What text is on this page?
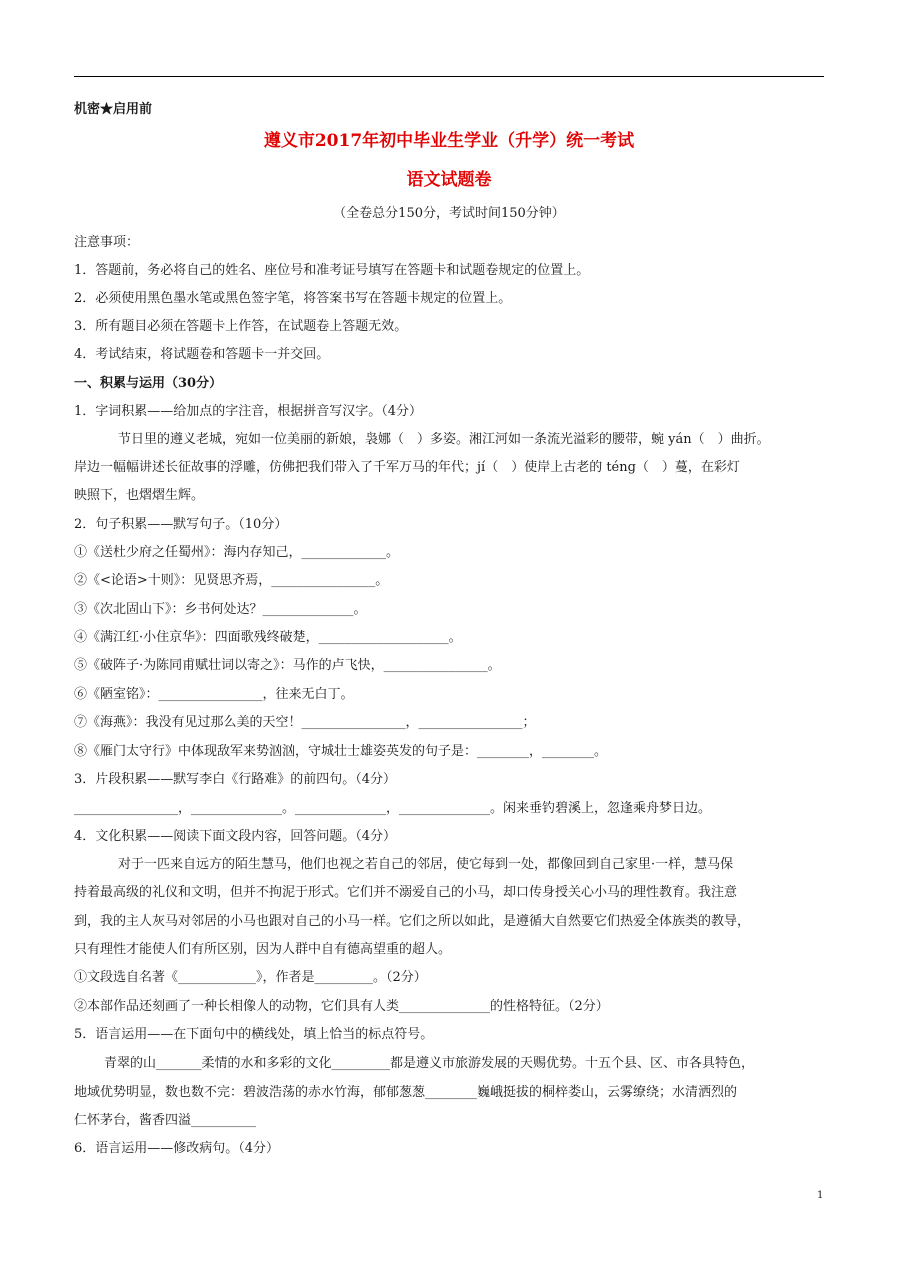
机密★启用前
遵义市2017年初中毕业生学业（升学）统一考试
语文试题卷
（全卷总分150分，考试时间150分钟）
注意事项：
1．答题前，务必将自己的姓名、座位号和准考证号填写在答题卡和试题卷规定的位置上。
2．必须使用黑色墨水笔或黑色签字笔，将答案书写在答题卡规定的位置上。
3．所有题目必须在答题卡上作答，在试题卷上答题无效。
4．考试结束，将试题卷和答题卡一并交回。
一、积累与运用（30分）
1．字词积累——给加点的字注音，根据拼音写汉字。（4分）
节日里的遵义老城，宛如一位美丽的新娘，袅娜（　）多姿。湘江河如一条流光溢彩的腰带，蜿 yán（　）曲折。
岸边一幅幅讲述长征故事的浮雕，仿佛把我们带入了千军万马的年代；jí（　）使岸上古老的 téng（　）蔓，在彩灯
映照下，也熠熠生辉。
2．句子积累——默写句子。（10分）
①《送杜少府之任蜀州》：海内存知己，_____________。
②《<论语>十则》：见贤思齐焉，________________。
③《次北固山下》：乡书何处达？______________。
④《满江红·小住京华》：四面歌残终破楚，____________________。
⑤《破阵子·为陈同甫赋壮词以寄之》：马作的卢飞快，________________。
⑥《陋室铭》：________________，往来无白丁。
⑦《海燕》：我没有见过那么美的天空！________________，________________；
⑧《雁门太守行》中体现敌军来势汹汹，守城壮士雄姿英发的句子是：________，________。
3．片段积累——默写李白《行路难》的前四句。（4分）
________________，______________。______________，______________。闲来垂钓碧溪上，忽逢乘舟梦日边。
4．文化积累——阅读下面文段内容，回答问题。（4分）
对于一匹来自远方的陌生慧马，他们也视之若自己的邻居，使它每到一处，都像回到自己家里·一样，慧马保
持着最高级的礼仪和文明，但并不拘泥于形式。它们并不溺爱自己的小马，却口传身授关心小马的理性教育。我注意
到，我的主人灰马对邻居的小马也跟对自己的小马一样。它们之所以如此，是遵循大自然要它们热爱全体族类的教导，
只有理性才能使人们有所区别，因为人群中自有德高望重的超人。
①文段选自名著《____________》，作者是_________。（2分）
②本部作品还刻画了一种长相像人的动物，它们具有人类______________的性格特征。（2分）
5．语言运用——在下面句中的横线处，填上恰当的标点符号。
青翠的山_______柔情的水和多彩的文化_________都是遵义市旅游发展的天赐优势。十五个县、区、市各具特色，
地域优势明显，数也数不完：碧波浩荡的赤水竹海，郁郁葱葱________巍峨挺拔的桐梓娄山，云雾缭绕；水清洒烈的
仁怀茅台，酱香四溢__________
6．语言运用——修改病句。（4分）
1
